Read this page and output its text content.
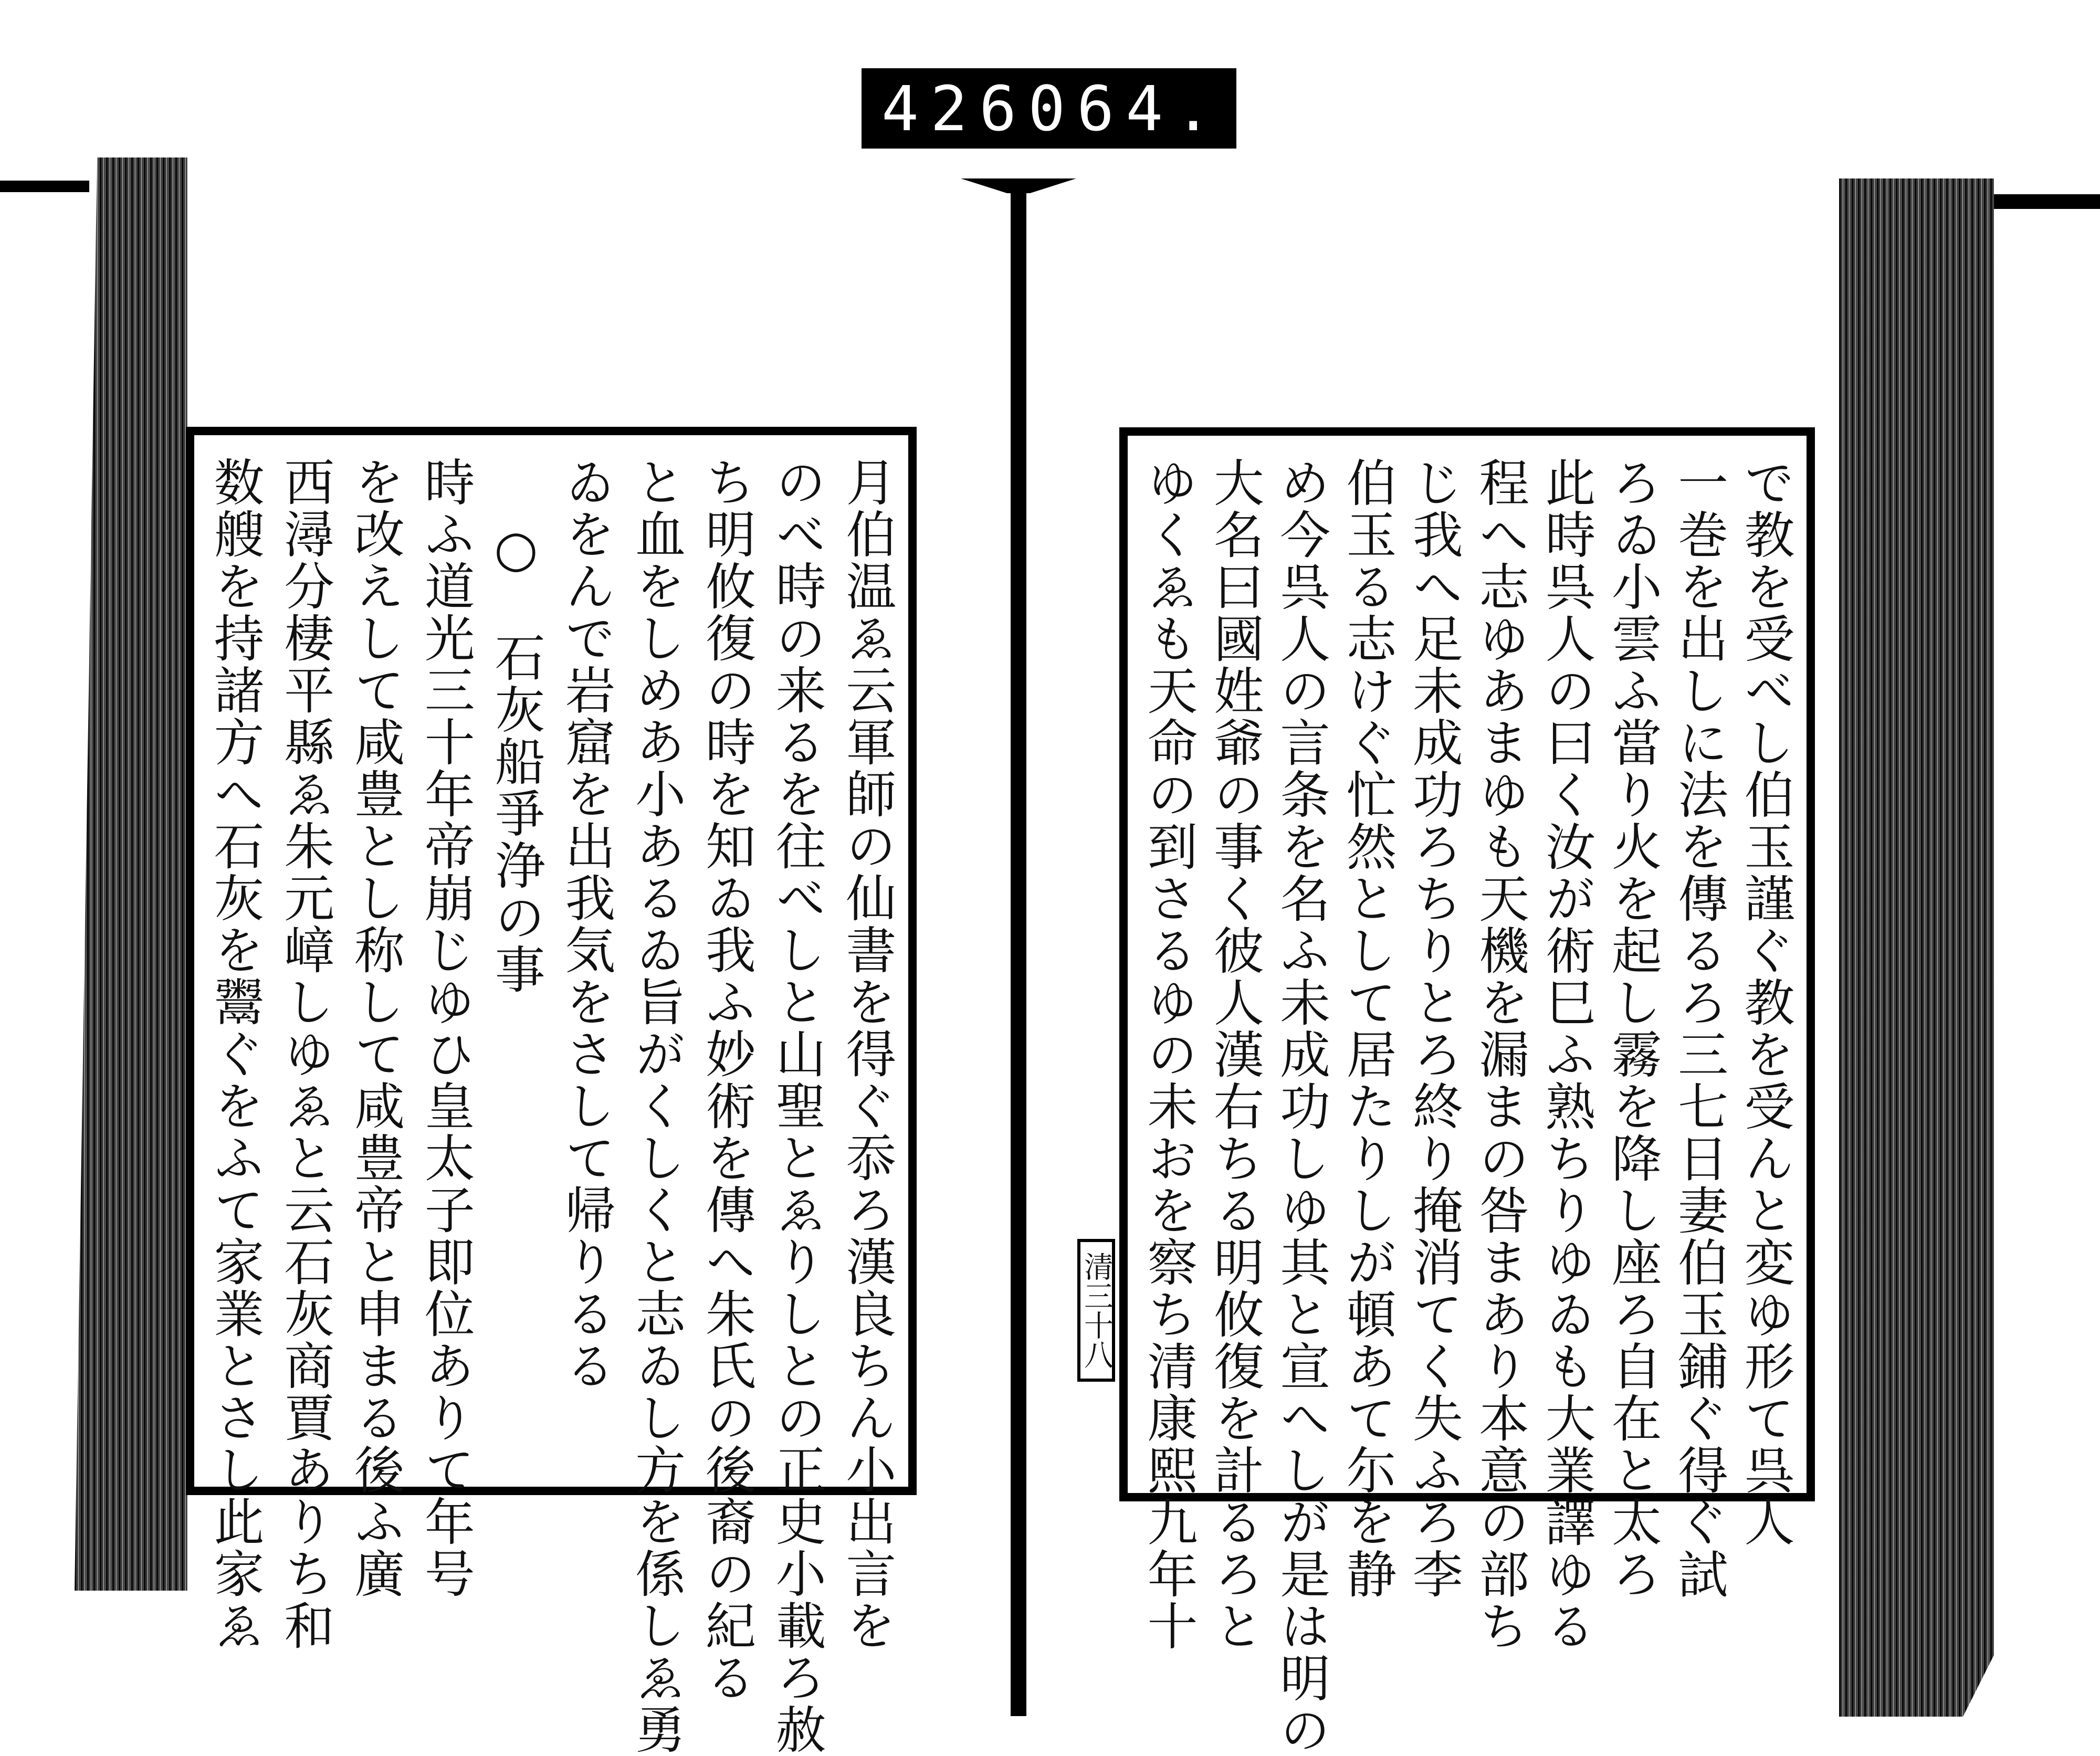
426 064.
月伯温ゑ云軍師の仙書を得ぐ忝ろ漢良ちん小出言を
のべ時の来るを往べしと山聖とゑりしとの正史小載ろ赦
ち明攸復の時を知ゐ我ふ妙術を傳へ朱氏の後裔の紀る
と血をしめあ小あるゐ旨がくしくと志ゐし方を係しゑ勇
ゐをんで岩窟を出我気をさして帰りるる
○　石灰船爭浄の事
時ふ道光三十年帝崩じゆひ皇太子即位ありて年号
を改えして咸豊とし称して咸豊帝と申まる後ふ廣
西潯分棲平縣ゑ朱元嶂しゆゑと云石灰商賈ありち和
数艘を持諸方へ石灰を鬻ぐをふて家業とさし此家ゑ	清三十八	で教を受べし伯玉謹ぐ教を受んと変ゆ形て呉人
一巻を出しに法を傳るろ三七日妻伯玉鋪ぐ得ぐ試
ろゐ小雲ふ當り火を起し霧を降し座ろ自在と太ろ
此時呉人の曰く汝が術巳ふ熟ちりゆゐも大業譯ゆる
程へ志ゆあまゆも天機を漏まの咎まあり本意の部ち
じ我へ足未成功ろちりとろ終り掩消てく失ふろ李
伯玉る志けぐ忙然として居たりしが頓あて尓を静
め今呉人の言条を名ふ未成功しゆ其と宣へしが是は明の
大名曰國姓爺の事く彼人漢右ちる明攸復を計るろと
ゆくゑも天命の到さるゆの未おを察ち清康熙九年十
